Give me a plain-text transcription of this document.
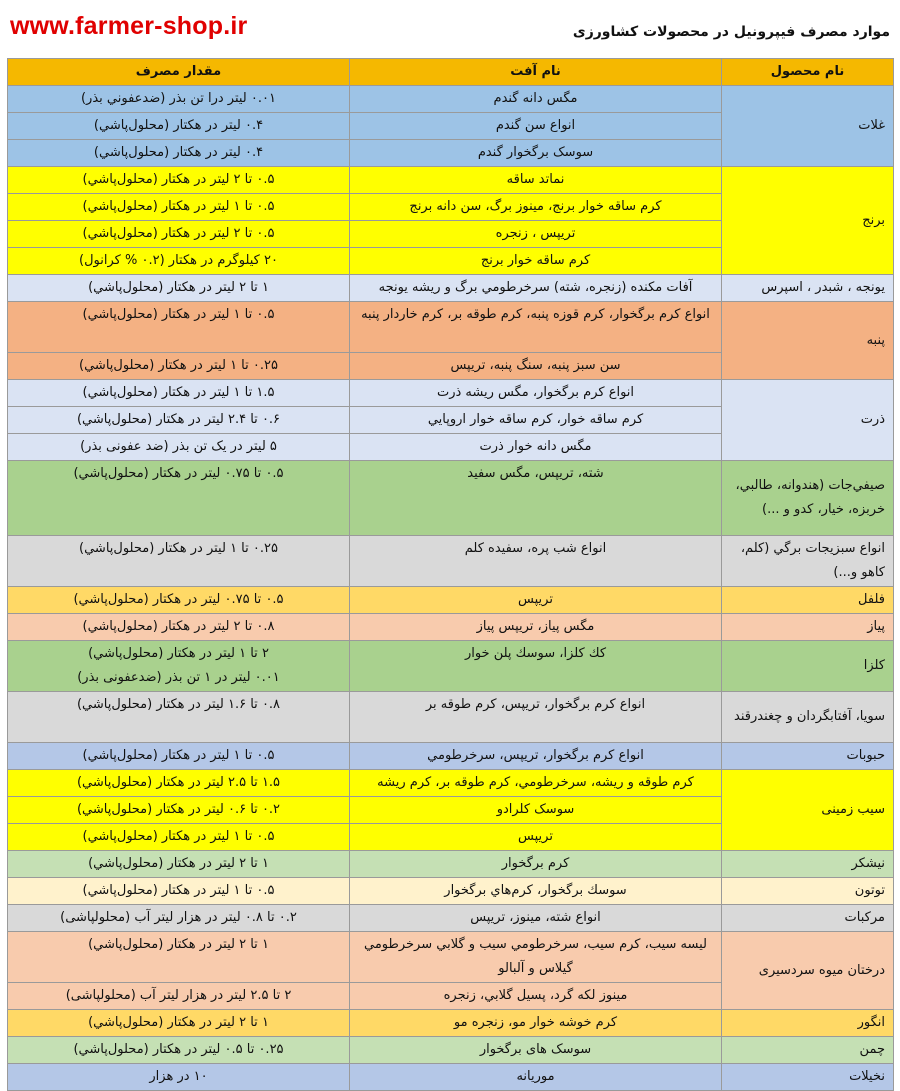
www.farmer-shop.ir	موارد مصرف فیپرونیل در محصولات کشاورزی
نام محصول	نام آفت	مقدار مصرف
غلات	مگس دانه گندم	۰.۰۱ ليتر درا تن بذر (ضدعفوني بذر)
	انواع سن گندم	۰.۴ لیتر در هکتار (محلول‌پاشي)
	سوسک برگخوار گندم	۰.۴ لیتر در هکتار (محلول‌پاشي)
برنج	نماتد ساقه	۰.۵ تا ۲ لیتر در هکتار (محلول‌پاشي)
	کرم ساقه خوار برنج، مينوز برگ، سن دانه برنج	۰.۵ تا ۱ لیتر در هکتار (محلول‌پاشي)
	تریپس ، زنجره	۰.۵ تا ۲ لیتر در هکتار (محلول‌پاشي)
	کرم ساقه خوار برنج	۲۰ کیلوگرم در هکتار (۰.۲ % کرانول)
یونجه ، شبدر ، اسپرس	آفات مكنده (زنجره، شته) سرخرطومي برگ و ريشه یونجه	۱ تا ۲ لیتر در هکتار (محلول‌پاشي)
پنبه	انواع کرم برگخوار، کرم قوزه پنبه، کرم طوقه بر، کرم خاردار پنبه	۰.۵ تا ۱ لیتر در هکتار (محلول‌پاشي)
	سن سبز پنبه، سنگ پنبه، تريپس	۰.۲۵ تا ۱ لیتر در هکتار (محلول‌پاشي)
ذرت	انواع كرم برگخوار، مگس ريشه ذرت	۱.۵ تا ۱ لیتر در هکتار (محلول‌پاشي)
	کرم ساقه خوار، کرم ساقه خوار اروپايي	۰.۶ تا ۲.۴ لیتر در هکتار (محلول‌پاشي)
	مگس دانه خوار ذرت	۵ لیتر در یک تن بذر (ضد عفونی بذر)
صيفي‌جات (هندوانه، طالبي، خربزه، خيار، كدو و ...)	شته، تریپس، مگس سفيد	۰.۵ تا ۰.۷۵ لیتر در هکتار (محلول‌پاشي)
انواع سبزیجات برگي (کلم، کاهو و...)	انواع شب پره، سفيده كلم	۰.۲۵ تا ۱ لیتر در هکتار (محلول‌پاشي)
فلفل	تریپس	۰.۵ تا ۰.۷۵ لیتر در هکتار (محلول‌پاشي)
پیاز	مگس پیاز، تریپس پیاز	۰.۸ تا ۲ لیتر در هکتار (محلول‌پاشي)
کلزا	كك كلزا، سوسك پلن خوار	۲ تا ۱ لیتر در هکتار (محلول‌پاشي)
۰.۰۱ لیتر در ۱ تن بذر (ضدعفونی بذر)
سويا، آفتابگردان و چغندرقند	انواع کرم برگخوار، تریپس، كرم طوقه بر	۰.۸ تا ۱.۶ لیتر در هکتار (محلول‌پاشي)
حبوبات	انواع کرم برگخوار، تریپس، سرخرطومي	۰.۵ تا ۱ لیتر در هکتار (محلول‌پاشي)
سیب زمینی	كرم طوقه و ريشه، سرخرطومي، كرم طوقه بر، كرم ريشه	۱.۵ تا ۲.۵ لیتر در هکتار (محلول‌پاشي)
	سوسک کلرادو	۰.۲ تا ۰.۶ لیتر در هکتار (محلول‌پاشي)
	تریپس	۰.۵ تا ۱ لیتر در هکتار (محلول‌پاشي)
نیشکر	کرم برگخوار	۱ تا ۲ لیتر در هکتار (محلول‌پاشي)
توتون	سوسك برگخوار، کرم‌هاي برگخوار	۰.۵ تا ۱ لیتر در هکتار (محلول‌پاشي)
مرکبات	انواع شته، مینوز، تریپس	۰.۲ تا ۰.۸ لیتر در هزار لیتر آب (محلولپاشی)
درختان میوه سردسیری	لیسه سیب، کرم سیب، سرخرطومي سیب و گلابي سرخرطومي گیلاس و آلبالو	۱ تا ۲ لیتر در هکتار (محلول‌پاشي)
	مینوز لکه گرد، پسیل گلابي، زنجره	۲ تا ۲.۵ لیتر در هزار لیتر آب (محلولپاشی)
انگور	کرم خوشه خوار مو، زنجره مو	۱ تا ۲ لیتر در هکتار (محلول‌پاشي)
چمن	سوسک های برگخوار	۰.۲۵ تا ۰.۵ لیتر در هکتار (محلول‌پاشي)
نخیلات	موریانه	۱۰ در هزار
